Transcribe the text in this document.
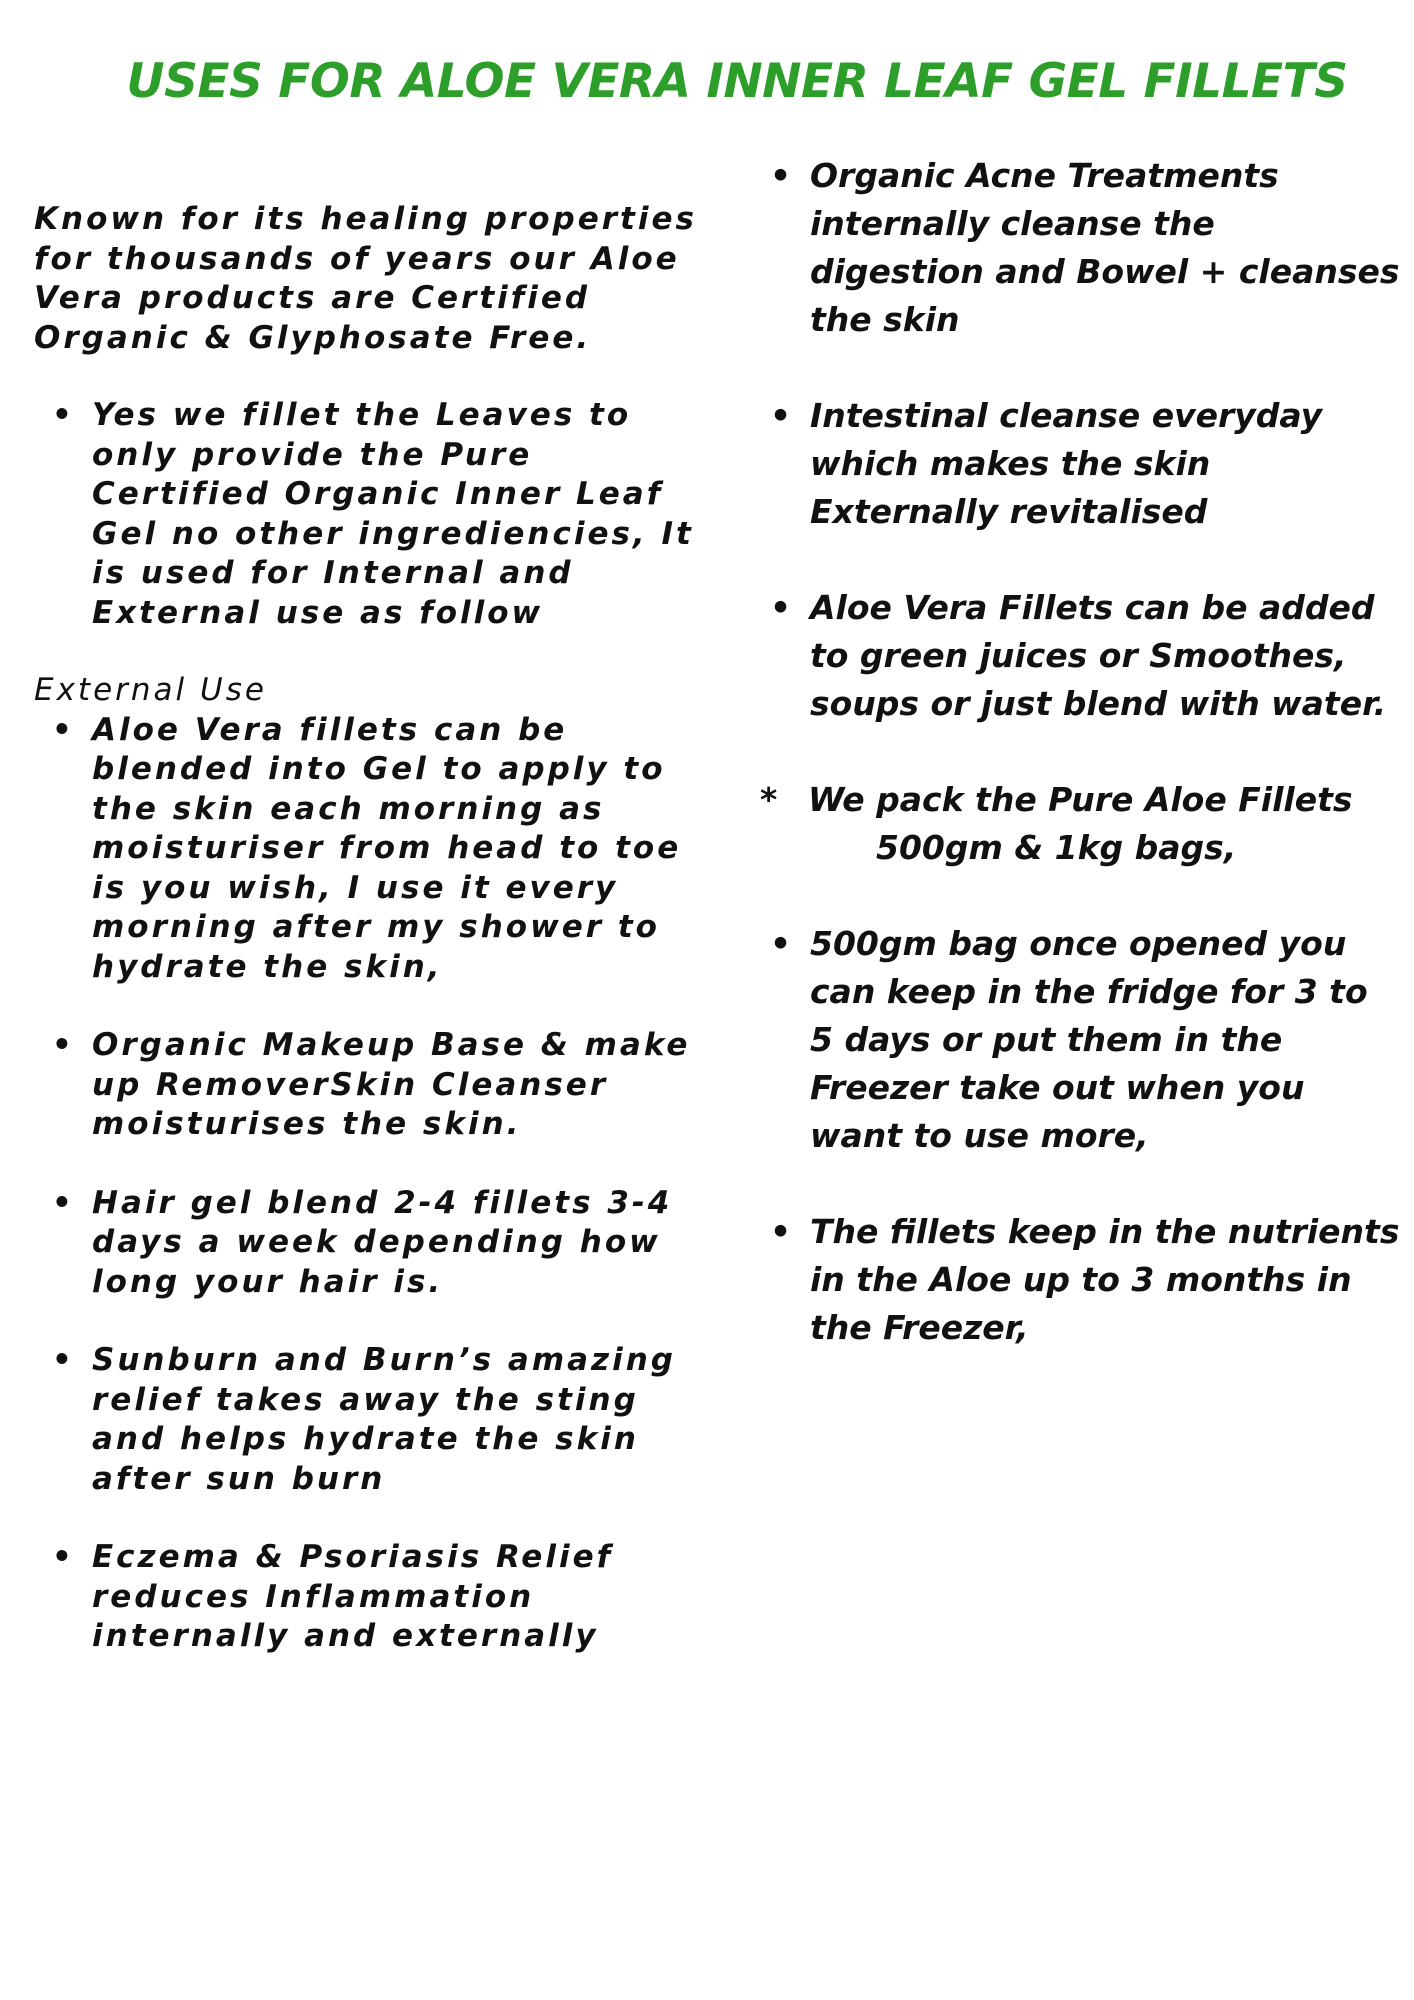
USES FOR ALOE VERA INNER LEAF GEL FILLETS

Known for its healing properties for thousands of years our Aloe Vera products are Certified Organic & Glyphosate Free.

• Yes we fillet the Leaves to only provide the Pure Certified Organic Inner Leaf Gel no other ingrediencies, It is used for Internal and External use as follow

External Use

• Aloe Vera fillets can be blended into Gel to apply to the skin each morning as moisturiser from head to toe is you wish, I use it every morning after my shower to hydrate the skin,
• Organic Makeup Base & make up RemoverSkin Cleanser moisturises the skin.
• Hair gel blend 2-4 fillets 3-4 days a week depending how long your hair is.
• Sunburn and Burn’s amazing relief takes away the sting and helps hydrate the skin after sun burn
• Eczema & Psoriasis Relief reduces Inflammation internally and externally
• Organic Acne Treatments internally cleanse the digestion and Bowel + cleanses the skin
• Intestinal cleanse everyday which makes the skin Externally revitalised
• Aloe Vera Fillets can be added to green juices or Smoothes, soups or just blend with water.

* We pack the Pure Aloe Fillets
500gm & 1kg bags,

• 500gm bag once opened you can keep in the fridge for 3 to 5 days or put them in the Freezer take out when you want to use more,
• The fillets keep in the nutrients in the Aloe up to 3 months in the Freezer,
